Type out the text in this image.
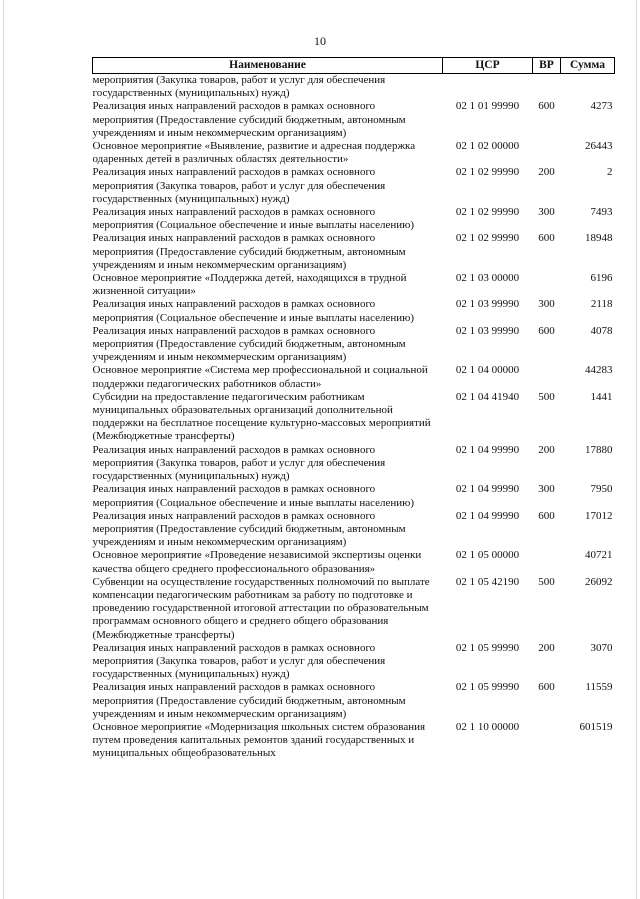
10
Наименование	ЦСР	ВР	Сумма
мероприятия (Закупка товаров, работ и услуг для обеспечения государственных (муниципальных) нужд)			
Реализация иных направлений расходов в рамках основного мероприятия (Предоставление субсидий бюджетным, автономным учреждениям и иным некоммерческим организациям)	02 1 01 99990	600	4273
Основное мероприятие «Выявление, развитие и адресная поддержка одаренных детей в различных областях деятельности»	02 1 02 00000		26443
Реализация иных направлений расходов в рамках основного мероприятия (Закупка товаров, работ и услуг для обеспечения государственных (муниципальных) нужд)	02 1 02 99990	200	2
Реализация иных направлений расходов в рамках основного мероприятия (Социальное обеспечение и иные выплаты населению)	02 1 02 99990	300	7493
Реализация иных направлений расходов в рамках основного мероприятия (Предоставление субсидий бюджетным, автономным учреждениям и иным некоммерческим организациям)	02 1 02 99990	600	18948
Основное мероприятие «Поддержка детей, находящихся в трудной жизненной ситуации»	02 1 03 00000		6196
Реализация иных направлений расходов в рамках основного мероприятия (Социальное обеспечение и иные выплаты населению)	02 1 03 99990	300	2118
Реализация иных направлений расходов в рамках основного мероприятия (Предоставление субсидий бюджетным, автономным учреждениям и иным некоммерческим организациям)	02 1 03 99990	600	4078
Основное мероприятие «Система мер профессиональной и социальной поддержки педагогических работников области»	02 1 04 00000		44283
Субсидии на предоставление педагогическим работникам муниципальных образовательных организаций дополнительной поддержки на бесплатное посещение культурно-массовых мероприятий (Межбюджетные трансферты)	02 1 04 41940	500	1441
Реализация иных направлений расходов в рамках основного мероприятия (Закупка товаров, работ и услуг для обеспечения государственных (муниципальных) нужд)	02 1 04 99990	200	17880
Реализация иных направлений расходов в рамках основного мероприятия (Социальное обеспечение и иные выплаты населению)	02 1 04 99990	300	7950
Реализация иных направлений расходов в рамках основного мероприятия (Предоставление субсидий бюджетным, автономным учреждениям и иным некоммерческим организациям)	02 1 04 99990	600	17012
Основное мероприятие «Проведение независимой экспертизы оценки качества общего среднего профессионального образования»	02 1 05 00000		40721
Субвенции на осуществление государственных полномочий по выплате компенсации педагогическим работникам за работу по подготовке и проведению государственной итоговой аттестации по образовательным программам основного общего и среднего общего образования (Межбюджетные трансферты)	02 1 05 42190	500	26092
Реализация иных направлений расходов в рамках основного мероприятия (Закупка товаров, работ и услуг для обеспечения государственных (муниципальных) нужд)	02 1 05 99990	200	3070
Реализация иных направлений расходов в рамках основного мероприятия (Предоставление субсидий бюджетным, автономным учреждениям и иным некоммерческим организациям)	02 1 05 99990	600	11559
Основное мероприятие «Модернизация школьных систем образования путем проведения капитальных ремонтов зданий государственных и муниципальных общеобразовательных	02 1 10 00000		601519
